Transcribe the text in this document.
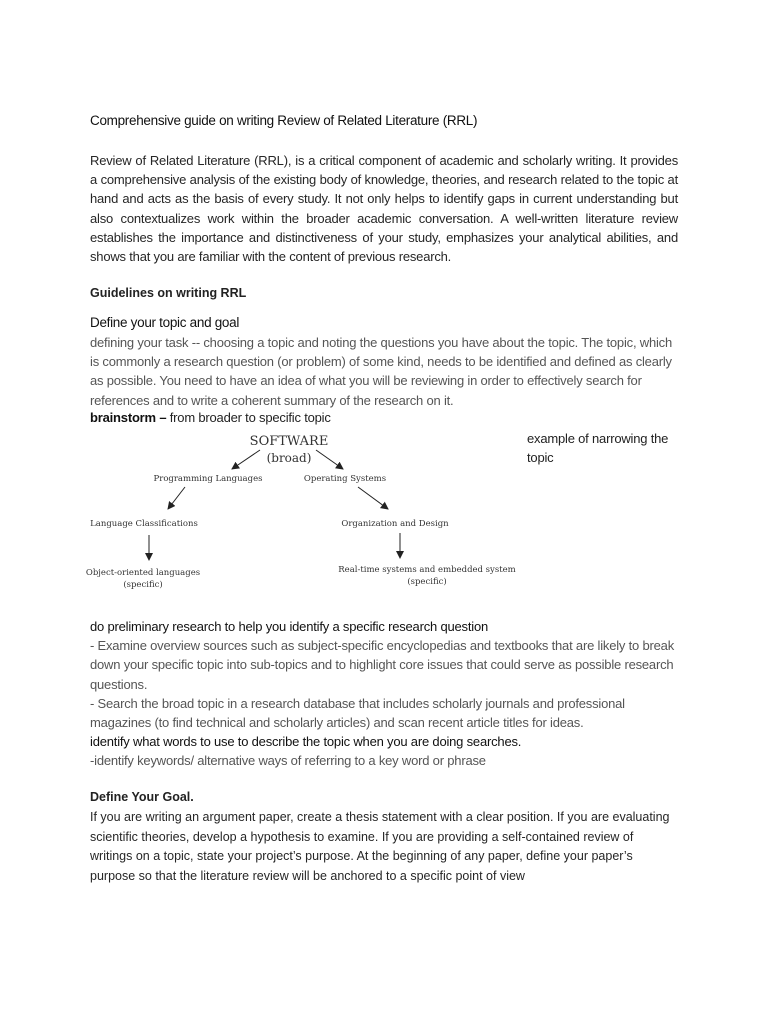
Comprehensive guide on writing Review of Related Literature (RRL)
Review of Related Literature (RRL), is a critical component of academic and scholarly writing. It provides a comprehensive analysis of the existing body of knowledge, theories, and research related to the topic at hand and acts as the basis of every study. It not only helps to identify gaps in current understanding but also contextualizes work within the broader academic conversation. A well-written literature review establishes the importance and distinctiveness of your study, emphasizes your analytical abilities, and shows that you are familiar with the content of previous research.
Guidelines on writing RRL
Define your topic and goal
defining your task -- choosing a topic and noting the questions you have about the topic. The topic, which is commonly a research question (or problem) of some kind, needs to be identified and defined as clearly as possible. You need to have an idea of what you will be reviewing in order to effectively search for references and to write a coherent summary of the research on it.
brainstorm – from broader to specific topic
example of narrowing the topic
SOFTWARE
(broad)
Programming Languages	Operating Systems
Language Classifications	Organization and Design
Object-oriented languages
(specific)
Real-time systems and embedded system
(specific)
do preliminary research to help you identify a specific research question
- Examine overview sources such as subject-specific encyclopedias and textbooks that are likely to break down your specific topic into sub-topics and to highlight core issues that could serve as possible research questions.
- Search the broad topic in a research database that includes scholarly journals and professional magazines (to find technical and scholarly articles) and scan recent article titles for ideas.
identify what words to use to describe the topic when you are doing searches.
-identify keywords/ alternative ways of referring to a key word or phrase
Define Your Goal.
If you are writing an argument paper, create a thesis statement with a clear position. If you are evaluating scientific theories, develop a hypothesis to examine. If you are providing a self-contained review of writings on a topic, state your project’s purpose. At the beginning of any paper, define your paper’s purpose so that the literature review will be anchored to a specific point of view
